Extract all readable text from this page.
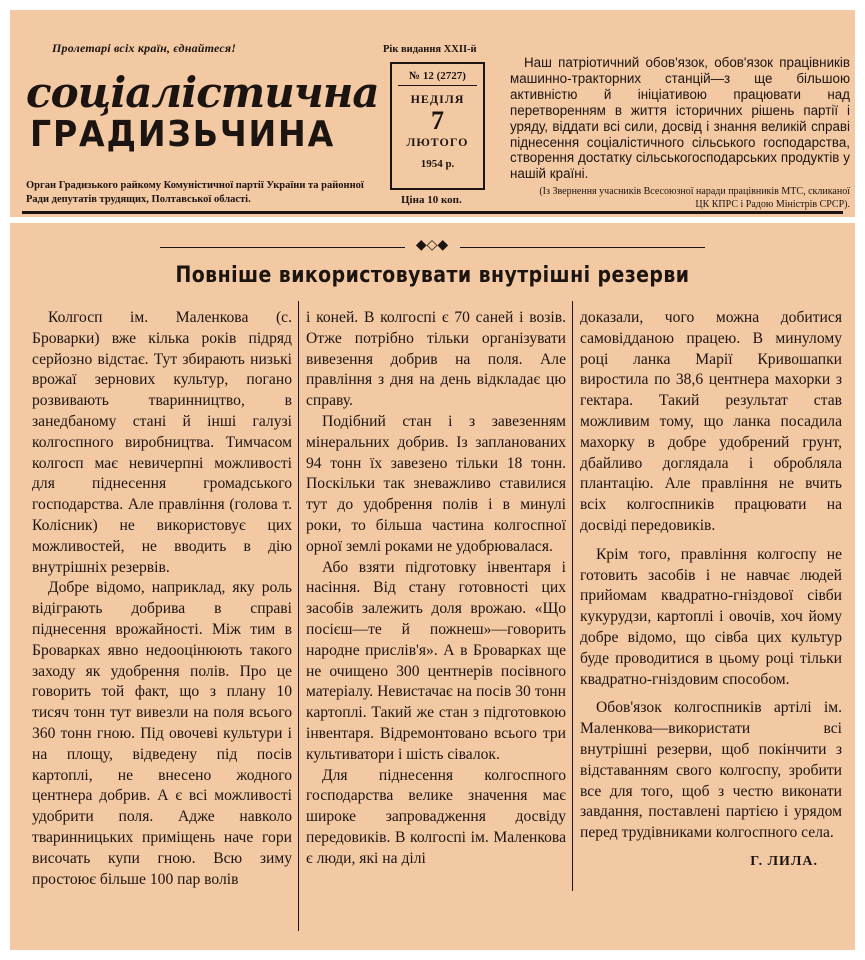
Пролетарі всіх країн, єднайтеся!
соціалістична
ГРАДИЗЬЧИНА
Орган Градизького райкому Комуністичної партії України та районної Ради депутатів трудящих, Полтавської області.
Рік видання XXII-й
№ 12 (2727)
НЕДІЛЯ
7
ЛЮТОГО
1954 р.
Ціна 10 коп.
Наш патріотичний обов'язок, обов'язок працівників машинно-тракторних станцій—з ще більшою активністю й ініціативою працювати над перетворенням в життя історичних рішень партії і уряду, віддати всі сили, досвід і знання великій справі піднесення соціалістичного сільського господарства, створення достатку сільськогосподарських продуктів у нашій країні.
(Із Звернення учасників Всесоюзної наради працівників МТС, скликаної ЦК КПРС і Радою Міністрів СРСР).
◆◇◆
Повніше використовувати внутрішні резерви

Колгосп ім. Маленкова (с. Броварки) вже кілька років підряд серйозно відстає. Тут збирають низькі врожаї зернових культур, погано розвивають тваринництво, в занедбаному стані й інші галузі колгоспного виробництва. Тимчасом колгосп має невичерпні можливості для піднесення громадського господарства. Але правління (голова т. Колісник) не використовує цих можливостей, не вводить в дію внутрішніх резервів.

Добре відомо, наприклад, яку роль відіграють добрива в справі піднесення врожайності. Між тим в Броварках явно недооцінюють такого заходу як удобрення полів. Про це говорить той факт, що з плану 10 тисяч тонн тут вивезли на поля всього 360 тонн гною. Під овочеві культури і на площу, відведену під посів картоплі, не внесено жодного центнера добрив. А є всі можливості удобрити поля. Адже навколо тваринницьких приміщень наче гори височать купи гною. Всю зиму простоює більше 100 пар волів

і коней. В колгоспі є 70 саней і возів. Отже потрібно тільки організувати вивезення добрив на поля. Але правління з дня на день відкладає цю справу.

Подібний стан і з завезенням мінеральних добрив. Із запланованих 94 тонн їх завезено тільки 18 тонн. Поскільки так зневажливо ставилися тут до удобрення полів і в минулі роки, то більша частина колгоспної орної землі роками не удобрювалася.

Або взяти підготовку інвентаря і насіння. Від стану готовності цих засобів залежить доля врожаю. «Що посієш—те й пожнеш»—говорить народне прислів'я». А в Броварках ще не очищено 300 центнерів посівного матеріалу. Невистачає на посів 30 тонн картоплі. Такий же стан з підготовкою інвентаря. Відремонтовано всього три культиватори і шість сівалок.

Для піднесення колгоспного господарства велике значення має широке запровадження досвіду передовиків. В колгоспі ім. Маленкова є люди, які на ділі

доказали, чого можна добитися самовідданою працею. В минулому році ланка Марії Кривошапки виростила по 38,6 центнера махорки з гектара. Такий результат став можливим тому, що ланка посадила махорку в добре удобрений грунт, дбайливо доглядала і обробляла плантацію. Але правління не вчить всіх колгоспників працювати на досвіді передовиків.

Крім того, правління колгоспу не готовить засобів і не навчає людей прийомам квадратно-гніздової сівби кукурудзи, картоплі і овочів, хоч йому добре відомо, що сівба цих культур буде проводитися в цьому році тільки квадратно-гніздовим способом.

Обов'язок колгоспників артілі ім. Маленкова—використати всі внутрішні резерви, щоб покінчити з відставанням свого колгоспу, зробити все для того, щоб з честю виконати завдання, поставлені партією і урядом перед трудівниками колгоспного села.

Г. ЛИЛА.
